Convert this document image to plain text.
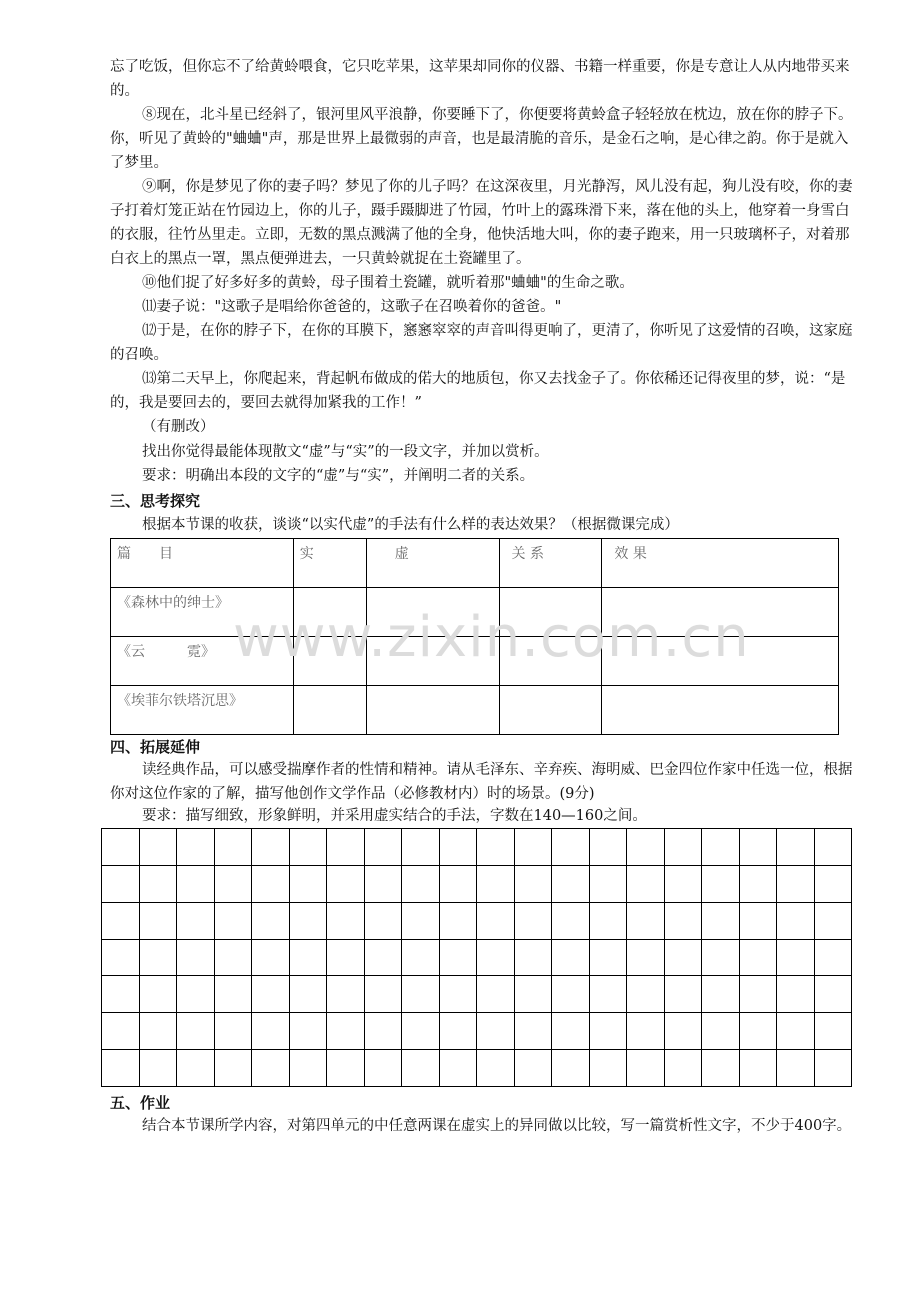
忘了吃饭，但你忘不了给黄蛉喂食，它只吃苹果，这苹果却同你的仪器、书籍一样重要，你是专意让人从内地带买来的。

⑧现在，北斗星已经斜了，银河里风平浪静，你要睡下了，你便要将黄蛉盒子轻轻放在枕边，放在你的脖子下。你，听见了黄蛉的"蛐蛐"声，那是世界上最微弱的声音，也是最清脆的音乐，是金石之响，是心律之韵。你于是就入了梦里。

⑨啊，你是梦见了你的妻子吗？梦见了你的儿子吗？在这深夜里，月光静泻，风儿没有起，狗儿没有咬，你的妻子打着灯笼正站在竹园边上，你的儿子，蹑手蹑脚进了竹园，竹叶上的露珠滑下来，落在他的头上，他穿着一身雪白的衣服，往竹丛里走。立即，无数的黑点溅满了他的全身，他快活地大叫，你的妻子跑来，用一只玻璃杯子，对着那白衣上的黑点一罩，黑点便弹进去，一只黄蛉就捉在土瓷罐里了。

⑩他们捉了好多好多的黄蛉，母子围着土瓷罐，就听着那"蛐蛐"的生命之歌。

⑾妻子说："这歌子是唱给你爸爸的，这歌子在召唤着你的爸爸。"

⑿于是，在你的脖子下，在你的耳膜下，窸窸窣窣的声音叫得更响了，更清了，你听见了这爱情的召唤，这家庭的召唤。

⒀第二天早上，你爬起来，背起帆布做成的偌大的地质包，你又去找金子了。你依稀还记得夜里的梦，说：“是的，我是要回去的，要回去就得加紧我的工作！”

（有删改）

找出你觉得最能体现散文“虚”与“实”的一段文字，并加以赏析。

要求：明确出本段的文字的“虚”与“实”，并阐明二者的关系。

三、思考探究

根据本节课的收获，谈谈“以实代虚”的手法有什么样的表达效果？（根据微课完成）

篇　　目	实	虚	关 系	效 果
《森林中的绅士》				
《云　　　霓》				
《埃菲尔铁塔沉思》				

四、拓展延伸

读经典作品，可以感受揣摩作者的性情和精神。请从毛泽东、辛弃疾、海明威、巴金四位作家中任选一位，根据你对这位作家的了解，描写他创作文学作品（必修教材内）时的场景。(9分)

要求：描写细致，形象鲜明，并采用虚实结合的手法，字数在140—160之间。

五、作业

结合本节课所学内容，对第四单元的中任意两课在虚实上的异同做以比较，写一篇赏析性文字，不少于400字。

www.zixin.com.cn
